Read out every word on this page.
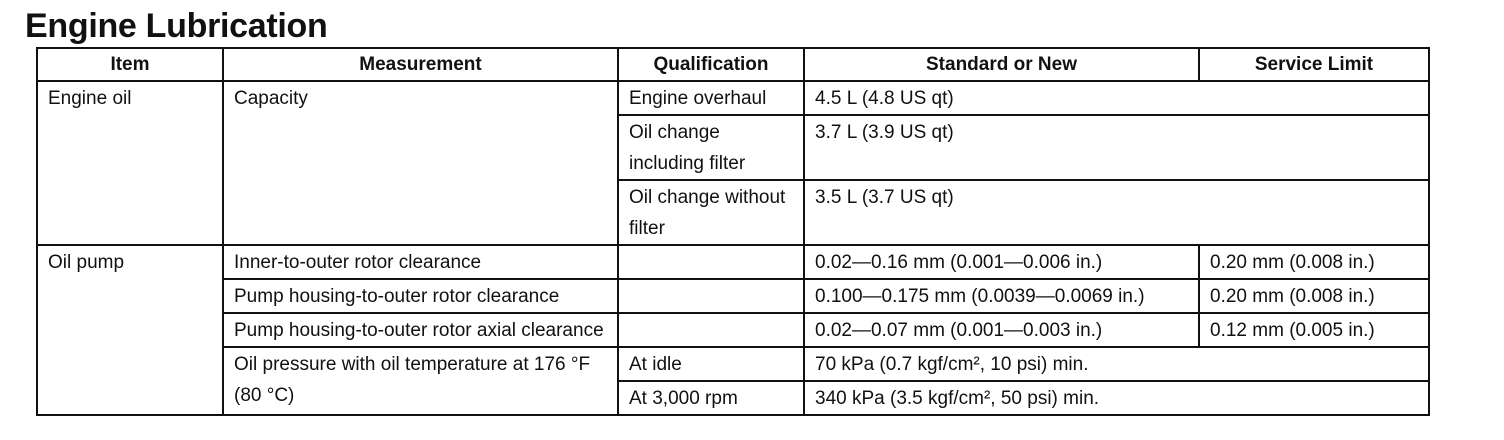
Engine Lubrication
Item	Measurement	Qualification	Standard or New	Service Limit
Engine oil	Capacity	Engine overhaul	4.5 L (4.8 US qt)	
		Oil change including filter	3.7 L (3.9 US qt)	
		Oil change without filter	3.5 L (3.7 US qt)	
Oil pump	Inner-to-outer rotor clearance		0.02—0.16 mm (0.001—0.006 in.)	0.20 mm (0.008 in.)
	Pump housing-to-outer rotor clearance		0.100—0.175 mm (0.0039—0.0069 in.)	0.20 mm (0.008 in.)
	Pump housing-to-outer rotor axial clearance		0.02—0.07 mm (0.001—0.003 in.)	0.12 mm (0.005 in.)
	Oil pressure with oil temperature at 176 °F (80 °C)	At idle	70 kPa (0.7 kgf/cm², 10 psi) min.	
		At 3,000 rpm	340 kPa (3.5 kgf/cm², 50 psi) min.	
